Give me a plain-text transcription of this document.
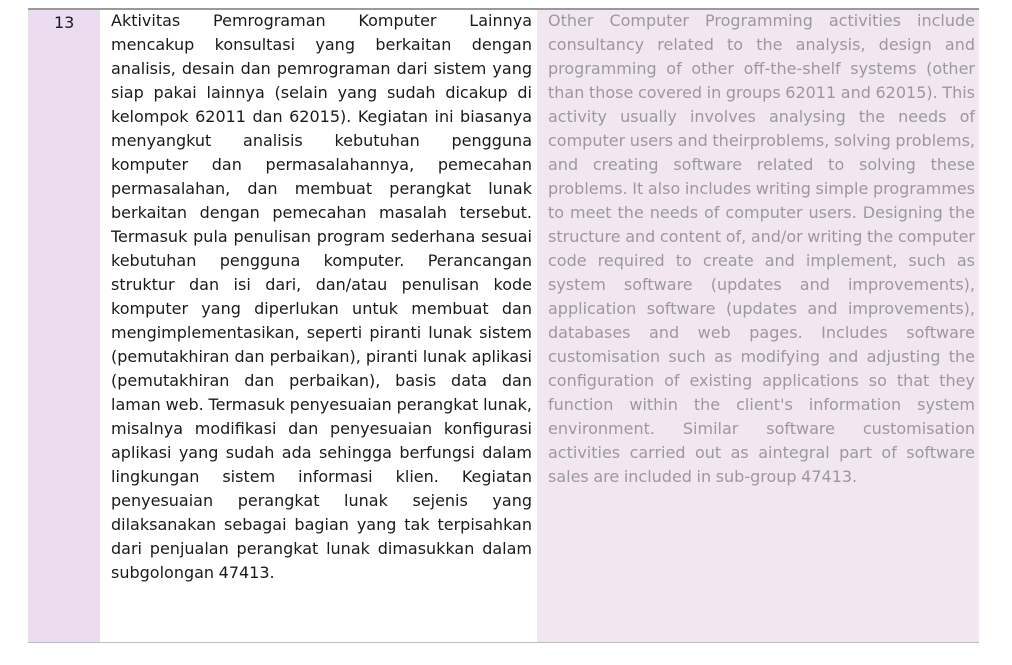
13 Aktivitas Pemrograman Komputer Lainnya mencakup konsultasi yang berkaitan dengan analisis, desain dan pemrograman dari sistem yang siap pakai lainnya (selain yang sudah dicakup di kelompok 62011 dan 62015). Kegiatan ini biasanya menyangkut analisis kebutuhan pengguna komputer dan permasalahannya, pemecahan permasalahan, dan membuat perangkat lunak berkaitan dengan pemecahan masalah tersebut. Termasuk pula penulisan program sederhana sesuai kebutuhan pengguna komputer. Perancangan struktur dan isi dari, dan/atau penulisan kode komputer yang diperlukan untuk membuat dan mengimplementasikan, seperti piranti lunak sistem (pemutakhiran dan perbaikan), piranti lunak aplikasi (pemutakhiran dan perbaikan), basis data dan laman web. Termasuk penyesuaian perangkat lunak, misalnya modifikasi dan penyesuaian konfigurasi aplikasi yang sudah ada sehingga berfungsi dalam lingkungan sistem informasi klien. Kegiatan penyesuaian perangkat lunak sejenis yang dilaksanakan sebagai bagian yang tak terpisahkan dari penjualan perangkat lunak dimasukkan dalam subgolongan 47413.
Other Computer Programming activities include consultancy related to the analysis, design and programming of other off-the-shelf systems (other than those covered in groups 62011 and 62015). This activity usually involves analysing the needs of computer users and theirproblems, solving problems, and creating software related to solving these problems. It also includes writing simple programmes to meet the needs of computer users. Designing the structure and content of, and/or writing the computer code required to create and implement, such as system software (updates and improvements), application software (updates and improvements), databases and web pages. Includes software customisation such as modifying and adjusting the configuration of existing applications so that they function within the client's information system environment. Similar software customisation activities carried out as aintegral part of software sales are included in sub-group 47413.
